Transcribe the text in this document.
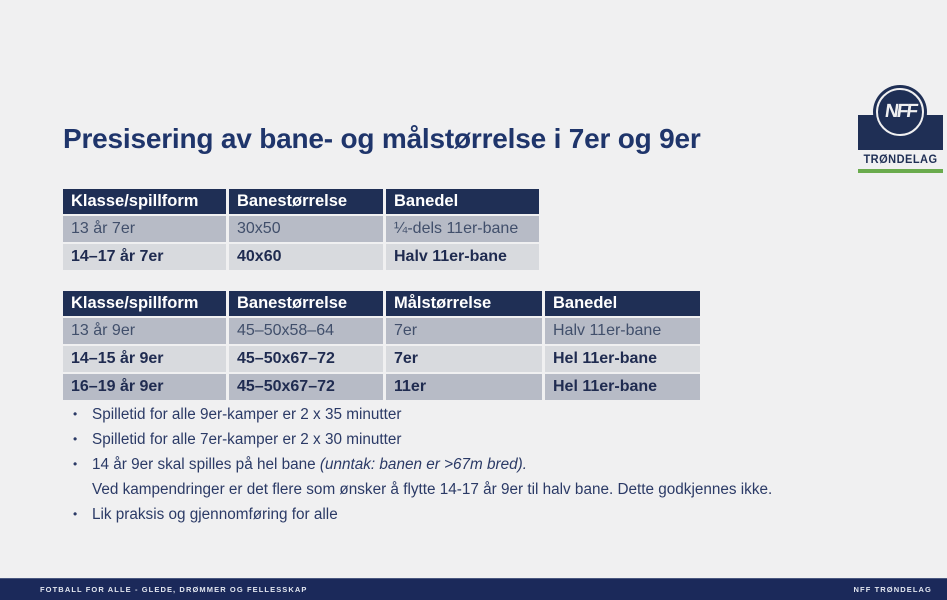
Presisering av bane- og målstørrelse i 7er og 9er
NFF
TRØNDELAG
Klasse/spillform	Banestørrelse	Banedel
13 år 7er	30x50	¼-dels 11er-bane
14–17 år 7er	40x60	Halv 11er-bane
Klasse/spillform	Banestørrelse	Målstørrelse	Banedel
13 år 9er	45–50x58–64	7er	Halv 11er-bane
14–15 år 9er	45–50x67–72	7er	Hel 11er-bane
16–19 år 9er	45–50x67–72	11er	Hel 11er-bane
• Spilletid for alle 9er-kamper er 2 x 35 minutter
• Spilletid for alle 7er-kamper er 2 x 30 minutter
• 14 år 9er skal spilles på hel bane (unntak: banen er >67m bred).
Ved kampendringer er det flere som ønsker å flytte 14-17 år 9er til halv bane. Dette godkjennes ikke.
• Lik praksis og gjennomføring for alle
FOTBALL FOR ALLE - GLEDE, DRØMMER OG FELLESSKAP	NFF TRØNDELAG
